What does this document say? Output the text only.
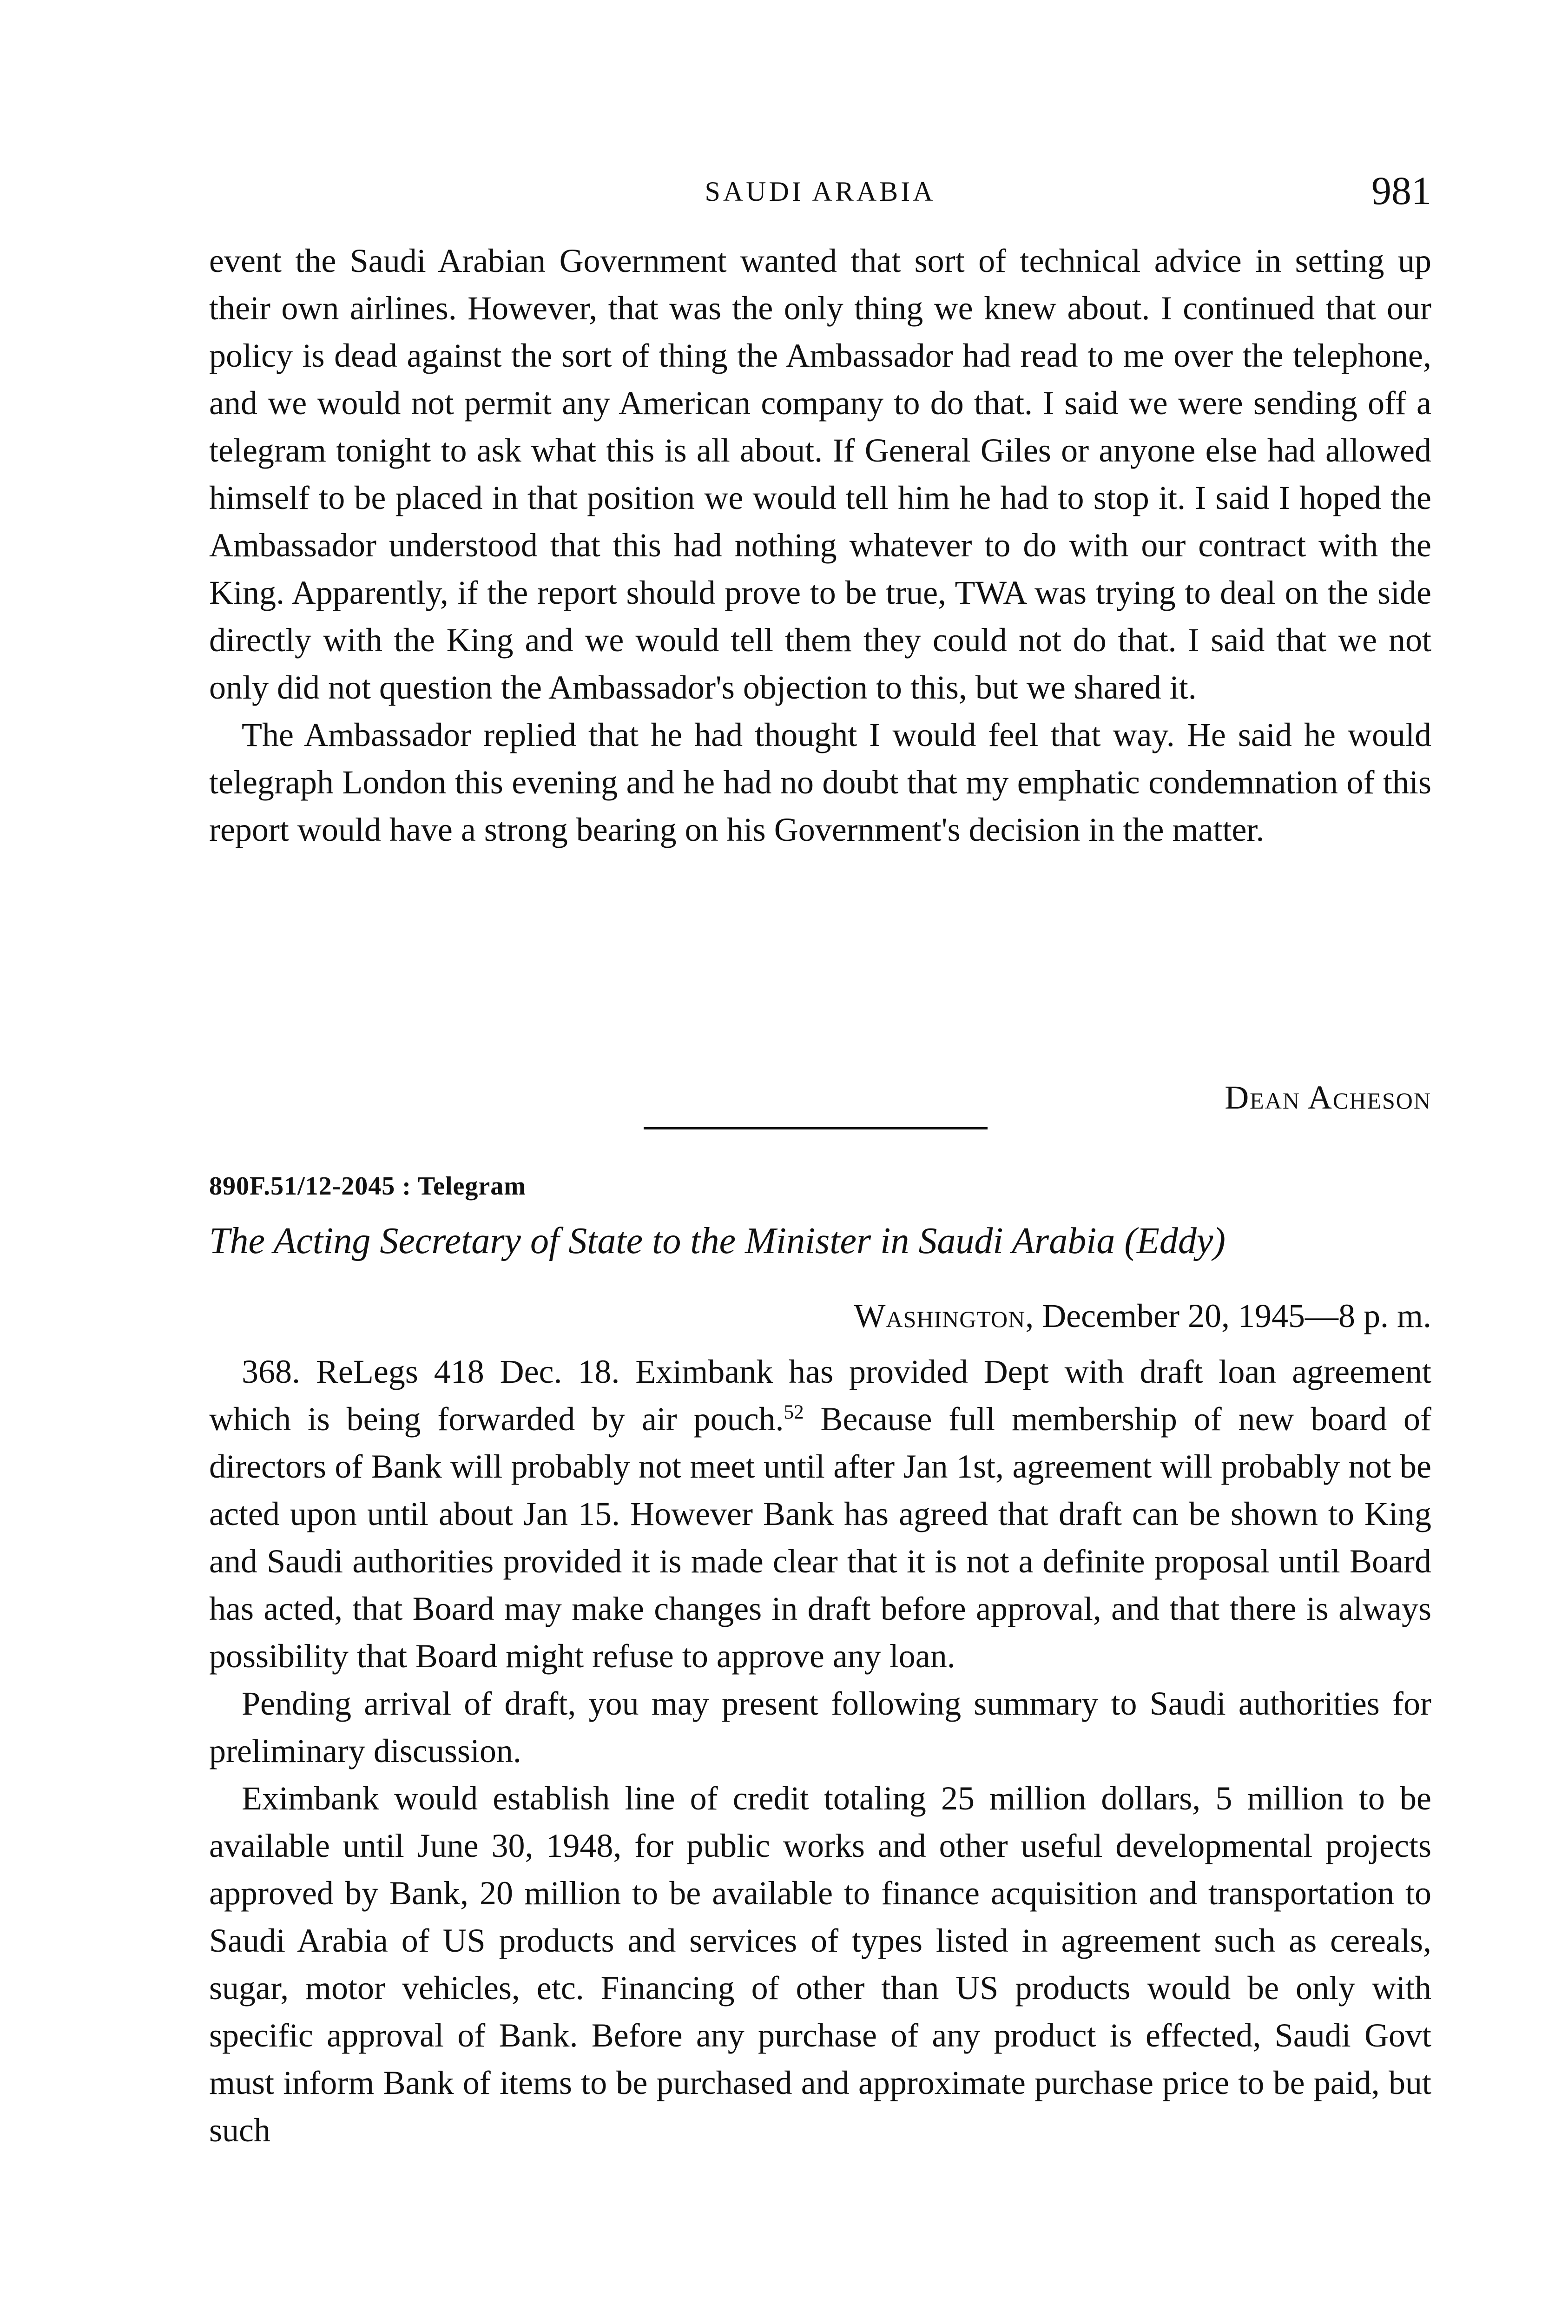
SAUDI ARABIA	981

event the Saudi Arabian Government wanted that sort of technical advice in setting up their own airlines. However, that was the only thing we knew about. I continued that our policy is dead against the sort of thing the Ambassador had read to me over the telephone, and we would not permit any American company to do that. I said we were sending off a telegram tonight to ask what this is all about. If General Giles or anyone else had allowed himself to be placed in that position we would tell him he had to stop it. I said I hoped the Ambassador understood that this had nothing whatever to do with our contract with the King. Apparently, if the report should prove to be true, TWA was trying to deal on the side directly with the King and we would tell them they could not do that. I said that we not only did not question the Ambassador's objection to this, but we shared it.

The Ambassador replied that he had thought I would feel that way. He said he would telegraph London this evening and he had no doubt that my emphatic condemnation of this report would have a strong bearing on his Government's decision in the matter.

Dean Acheson
890F.51/12-2045 : Telegram
The Acting Secretary of State to the Minister in Saudi Arabia (Eddy)
Washington, December 20, 1945—8 p. m.

368. ReLegs 418 Dec. 18. Eximbank has provided Dept with draft loan agreement which is being forwarded by air pouch.$^{52}$ Because full membership of new board of directors of Bank will probably not meet until after Jan 1st, agreement will probably not be acted upon until about Jan 15. However Bank has agreed that draft can be shown to King and Saudi authorities provided it is made clear that it is not a definite proposal until Board has acted, that Board may make changes in draft before approval, and that there is always possibility that Board might refuse to approve any loan.

Pending arrival of draft, you may present following summary to Saudi authorities for preliminary discussion.

Eximbank would establish line of credit totaling 25 million dollars, 5 million to be available until June 30, 1948, for public works and other useful developmental projects approved by Bank, 20 million to be available to finance acquisition and transportation to Saudi Arabia of US products and services of types listed in agreement such as cereals, sugar, motor vehicles, etc. Financing of other than US products would be only with specific approval of Bank. Before any purchase of any product is effected, Saudi Govt must inform Bank of items to be purchased and approximate purchase price to be paid, but such
